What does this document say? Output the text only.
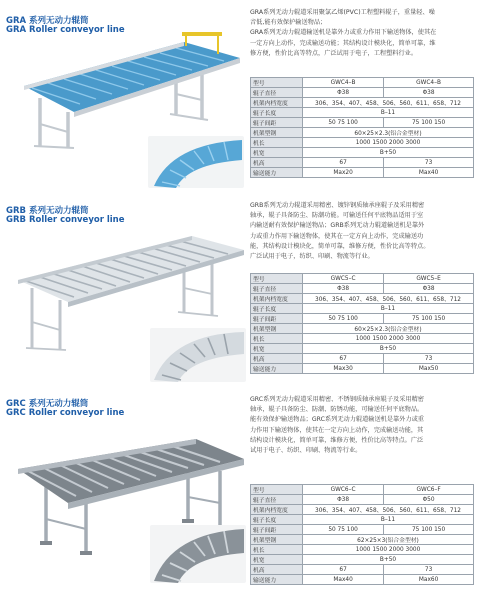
GRA 系列无动力辊筒
GRA Roller conveyor line
GRA系列无动力辊道采用聚氯乙烯(PVC)工程塑料辊子，重量轻、噪
音低,能有效保护输送物品；
GRA系列无动力辊道输送机是靠外力或重力作用下输送物体，使其在
一定方向上动作，完成输送功能；其结构设计模块化，简单可靠，维
修方便，性价比高等特点，广泛试用于电子，工程塑料行业。
型号	GWC4–B	GWC4–B
辊子直径	Φ38	Φ38
机架内档宽度	306、354、407、458、506、560、611、658、712	
辊子长度	B–11	
辊子间距	50 75 100	75 100 150
机架型钢	60×25×2.3(铝合金型材)	
机长	1000 1500 2000 3000	
机宽	B+50	
机高	67	73
输送能力	Max20	Max40
GRB 系列无动力辊筒
GRB Roller conveyor line
GRB系列无动力辊道采用精密、镀锌钢质轴承座辊子及采用精密
轴承，辊子具备防尘、防潮功能。可输送任何平底物品适用于室
内输送耐有效保护输送物品；GRB系列无动力辊道输送机是靠外
力或重力作用下输送物体，使其在一定方向上动作，完成输送功
能，其结构设计模块化，简单可靠，维修方便，性价比高等特点。
广泛试用于电子，纺织、印刷、物流等行业。
型号	GWC5–C	GWC5–E
辊子直径	Φ38	Φ38
机架内档宽度	306、354、407、458、506、560、611、658、712	
辊子长度	B–11	
辊子间距	50 75 100	75 100 150
机架型钢	60×25×2.3(铝合金型材)	
机长	1000 1500 2000 3000	
机宽	B+50	
机高	67	73
输送能力	Max30	Max50
GRC 系列无动力辊筒
GRC Roller conveyor line
GRC系列无动力辊道采用精密、不锈钢质轴承座辊子及采用精密
轴承，辊子具备防尘、防潮、防锈功能，可输送任何平底物品。
能有效保护输送物品；GRC系列无动力辊道输送机是靠外力或重
力作用下输送物体，使其在一定方向上动作，完成输送功能，其
结构设计模块化，简单可靠，维修方便，性价比高等特点。广泛
试用于电子、纺织、印刷、物流等行业。
型号	GWC6–C	GWC6–F
辊子直径	Φ38	Φ50
机架内档宽度	306、354、407、458、506、560、611、658、712	
辊子长度	B–11	
辊子间距	50 75 100	75 100 150
机架型钢	62×25×3(铝合金型材)	
机长	1000 1500 2000 3000	
机宽	B+50	
机高	67	73
输送能力	Max40	Max60
